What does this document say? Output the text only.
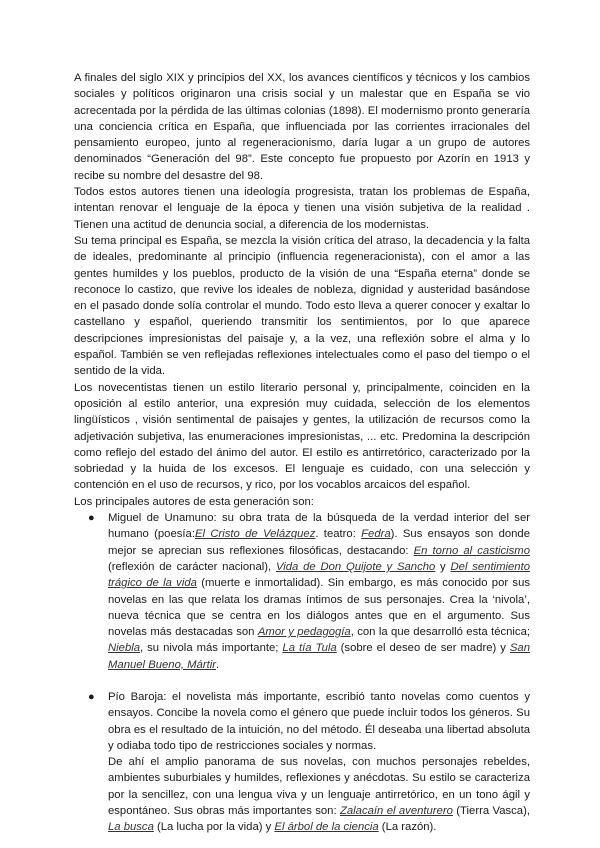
A finales del siglo XIX y principios del XX, los avances científicos y técnicos y los cambios sociales y políticos originaron una crisis social y un malestar que en España se vio acrecentada por la pérdida de las últimas colonias (1898). El modernismo pronto generaría una conciencia crítica en España, que influenciada por las corrientes irracionales del pensamiento europeo, junto al regeneracionismo, daría lugar a un grupo de autores denominados “Generación del 98”. Este concepto fue propuesto por Azorín en 1913 y recibe su nombre del desastre del 98.

Todos estos autores tienen una ideología progresista, tratan los problemas de España, intentan renovar el lenguaje de la época y tienen una visión subjetiva de la realidad . Tienen una actitud de denuncia social, a diferencia de los modernistas.

Su tema principal es España, se mezcla la visión crítica del atraso, la decadencia y la falta de ideales, predominante al principio (influencia regeneracionista), con el amor a las gentes humildes y los pueblos, producto de la visión de una “España eterna” donde se reconoce lo castizo, que revive los ideales de nobleza, dignidad y austeridad basándose en el pasado donde solía controlar el mundo. Todo esto lleva a querer conocer y exaltar lo castellano y español, queriendo transmitir los sentimientos, por lo que aparece descripciones impresionistas del paisaje y, a la vez, una reflexión sobre el alma y lo español. También se ven reflejadas reflexiones intelectuales como el paso del tiempo o el sentido de la vida.

Los novecentistas tienen un estilo literario personal y, principalmente, coinciden en la oposición al estilo anterior, una expresión muy cuidada, selección de los elementos lingüísticos , visión sentimental de paisajes y gentes, la utilización de recursos como la adjetivación subjetiva, las enumeraciones impresionistas, ... etc. Predomina la descripción como reflejo del estado del ánimo del autor. El estilo es antirretórico, caracterizado por la sobriedad y la huida de los excesos. El lenguaje es cuidado, con una selección y contención en el uso de recursos, y rico, por los vocablos arcaicos del español.

Los principales autores de esta generación son:

● Miguel de Unamuno: su obra trata de la búsqueda de la verdad interior del ser humano (poesía:El Cristo de Velázquez. teatro: Fedra). Sus ensayos son donde mejor se aprecian sus reflexiones filosóficas, destacando: En torno al casticismo (reflexión de carácter nacional), Vida de Don Quijote y Sancho y Del sentimiento trágico de la vida (muerte e inmortalidad). Sin embargo, es más conocido por sus novelas en las que relata los dramas íntimos de sus personajes. Crea la ‘nivola’, nueva técnica que se centra en los diálogos antes que en el argumento. Sus novelas más destacadas son Amor y pedagogía, con la que desarrolló esta técnica; Niebla, su nivola más importante; La tía Tula (sobre el deseo de ser madre) y San Manuel Bueno, Mártir.

● Pío Baroja: el novelista más importante, escribió tanto novelas como cuentos y ensayos. Concibe la novela como el género que puede incluir todos los géneros. Su obra es el resultado de la intuición, no del método. Él deseaba una libertad absoluta y odiaba todo tipo de restricciones sociales y normas.

De ahí el amplio panorama de sus novelas, con muchos personajes rebeldes, ambientes suburbiales y humildes, reflexiones y anécdotas. Su estilo se caracteriza por la sencillez, con una lengua viva y un lenguaje antirretórico, en un tono ágil y espontáneo. Sus obras más importantes son: Zalacaín el aventurero (Tierra Vasca), La busca (La lucha por la vida) y El árbol de la ciencia (La razón).
